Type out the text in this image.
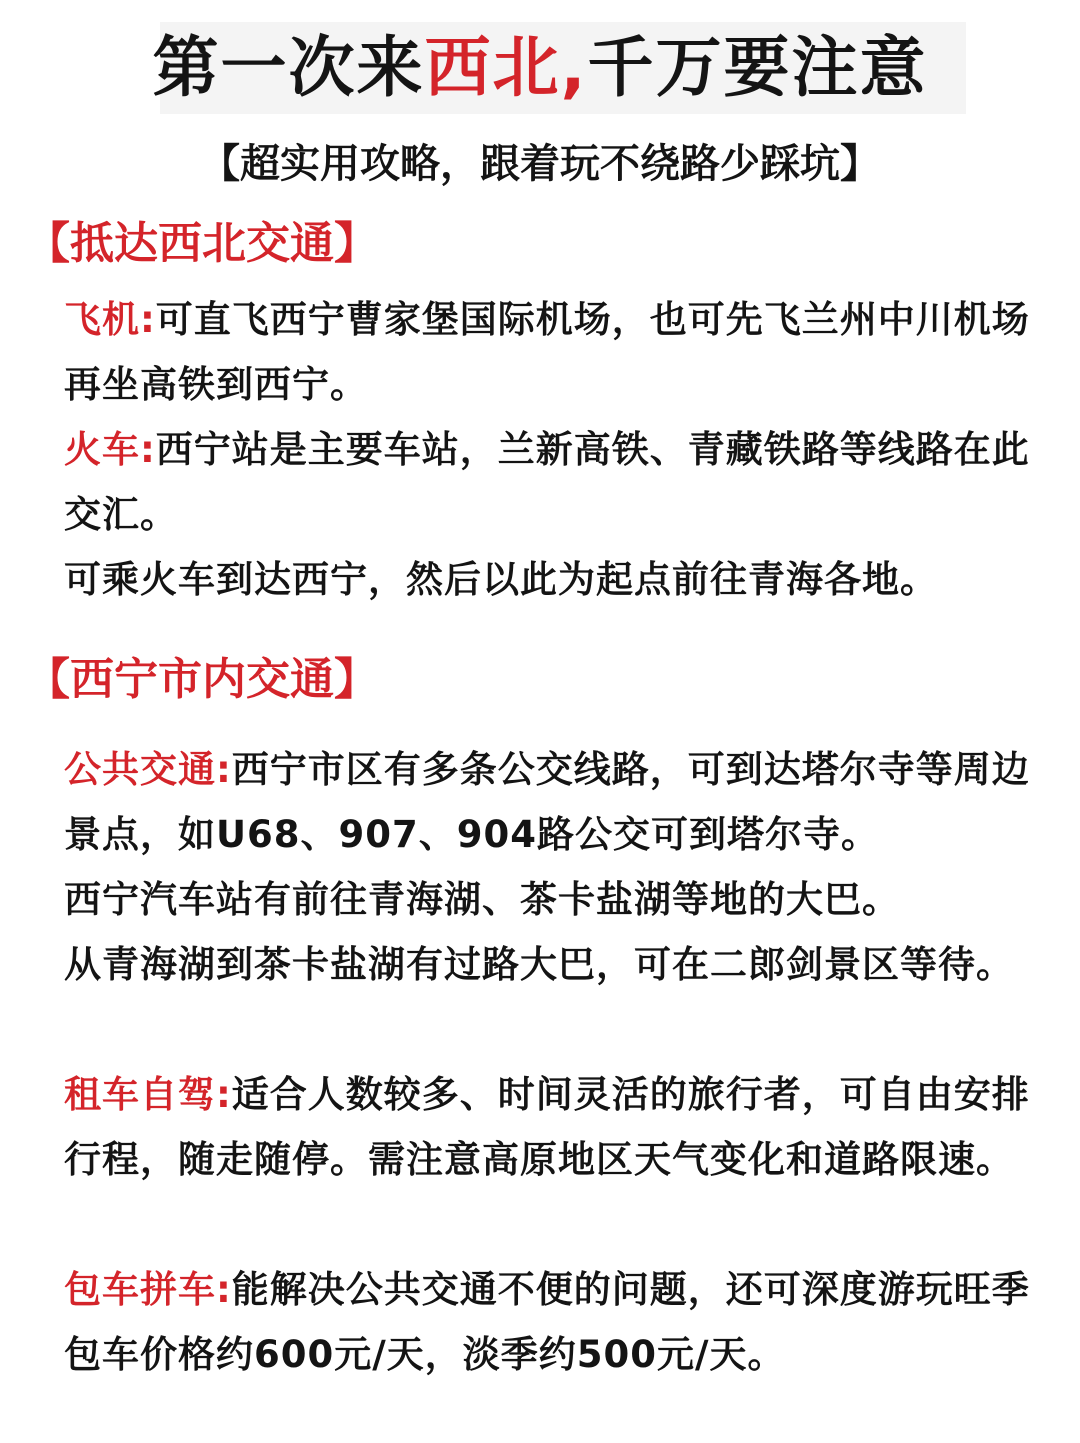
第一次来西北,千万要注意
【超实用攻略，跟着玩不绕路少踩坑】
【抵达西北交通】
飞机:可直飞西宁曹家堡国际机场，也可先飞兰州中川机场再坐高铁到西宁。
火车:西宁站是主要车站，兰新高铁、青藏铁路等线路在此交汇。
可乘火车到达西宁，然后以此为起点前往青海各地。
【西宁市内交通】
公共交通:西宁市区有多条公交线路，可到达塔尔寺等周边景点，如U68、907、904路公交可到塔尔寺。
西宁汽车站有前往青海湖、茶卡盐湖等地的大巴。
从青海湖到茶卡盐湖有过路大巴，可在二郎剑景区等待。
租车自驾:适合人数较多、时间灵活的旅行者，可自由安排行程，随走随停。需注意高原地区天气变化和道路限速。
包车拼车:能解决公共交通不便的问题，还可深度游玩旺季包车价格约600元/天，淡季约500元/天。
